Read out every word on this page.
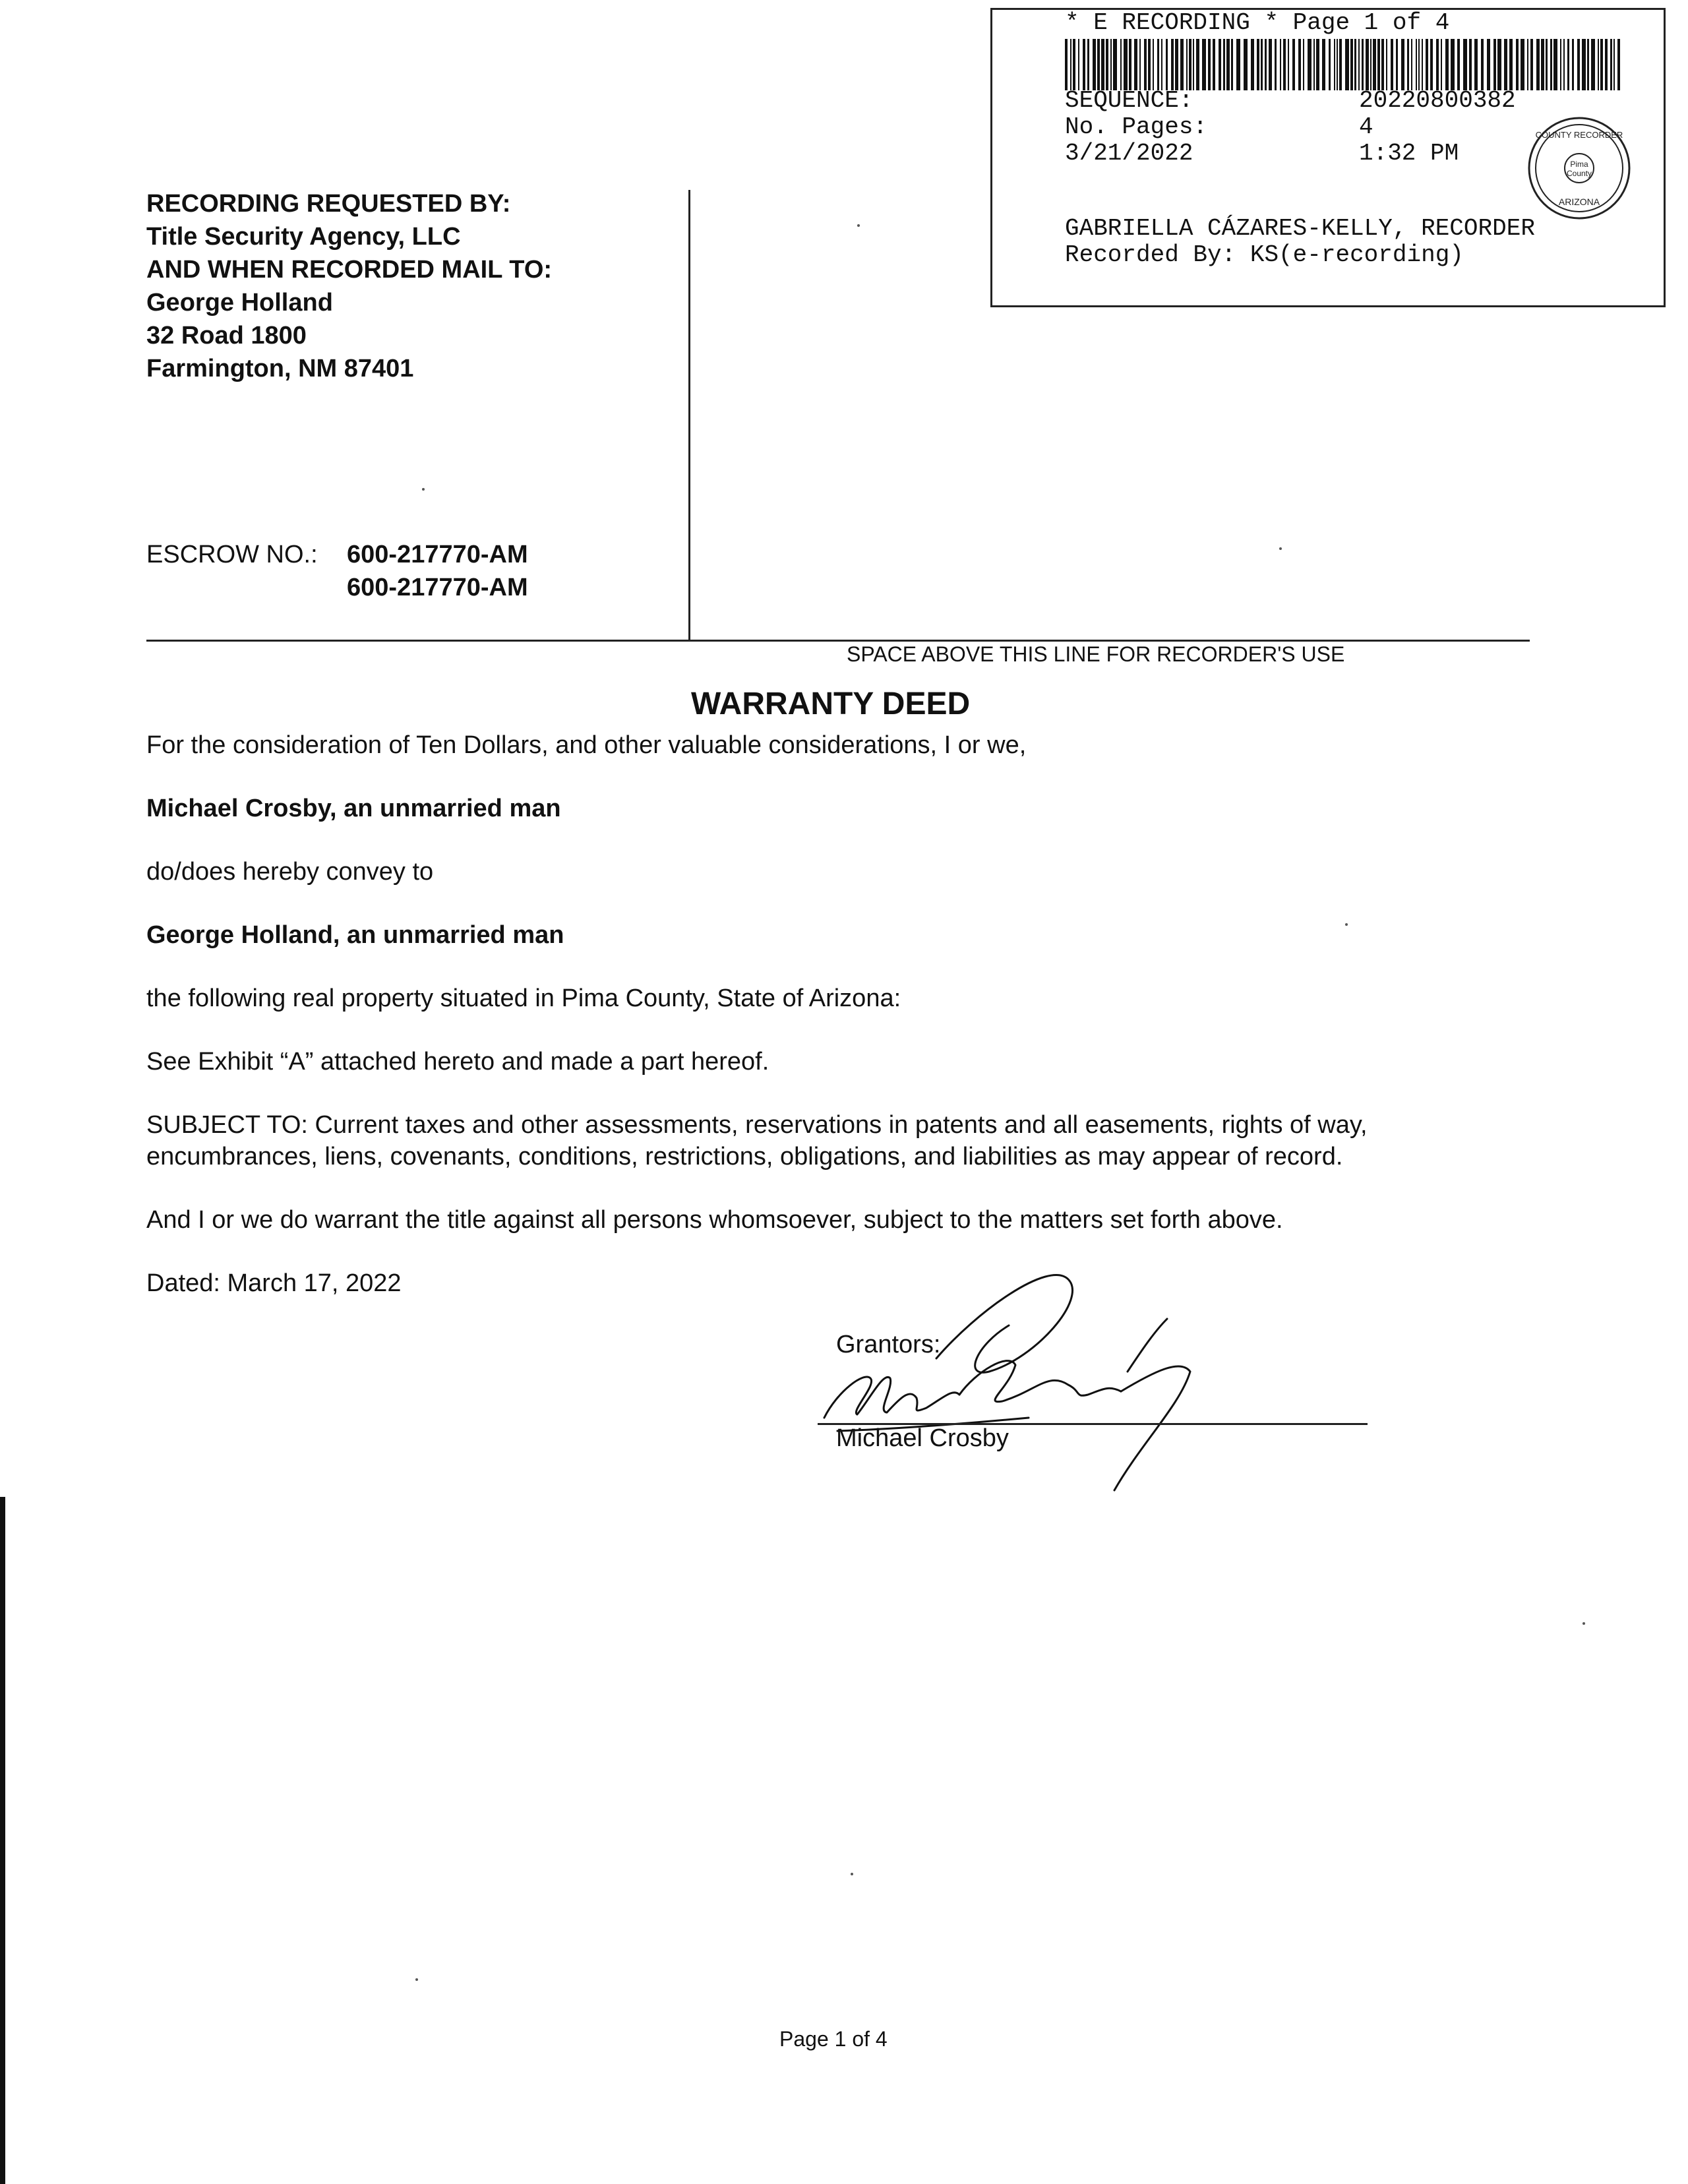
* E RECORDING * Page 1 of 4
SEQUENCE:	20220800382
No. Pages:	4
3/21/2022	1:32 PM	Pima
County
COUNTY RECORDER
ARIZONA
GABRIELLA CÁZARES-KELLY, RECORDER
Recorded By: KS(e-recording)
RECORDING REQUESTED BY:
Title Security Agency, LLC
AND WHEN RECORDED MAIL TO:
George Holland
32 Road 1800
Farmington, NM 87401
ESCROW NO.: 600-217770-AM
600-217770-AM
SPACE ABOVE THIS LINE FOR RECORDER'S USE
WARRANTY DEED
For the consideration of Ten Dollars, and other valuable considerations, I or we,
Michael Crosby, an unmarried man
do/does hereby convey to
George Holland, an unmarried man
the following real property situated in Pima County, State of Arizona:
See Exhibit “A” attached hereto and made a part hereof.
SUBJECT TO: Current taxes and other assessments, reservations in patents and all easements, rights of way,
encumbrances, liens, covenants, conditions, restrictions, obligations, and liabilities as may appear of record.
And I or we do warrant the title against all persons whomsoever, subject to the matters set forth above.
Dated: March 17, 2022
Grantors:
Michael Crosby
Page 1 of 4
